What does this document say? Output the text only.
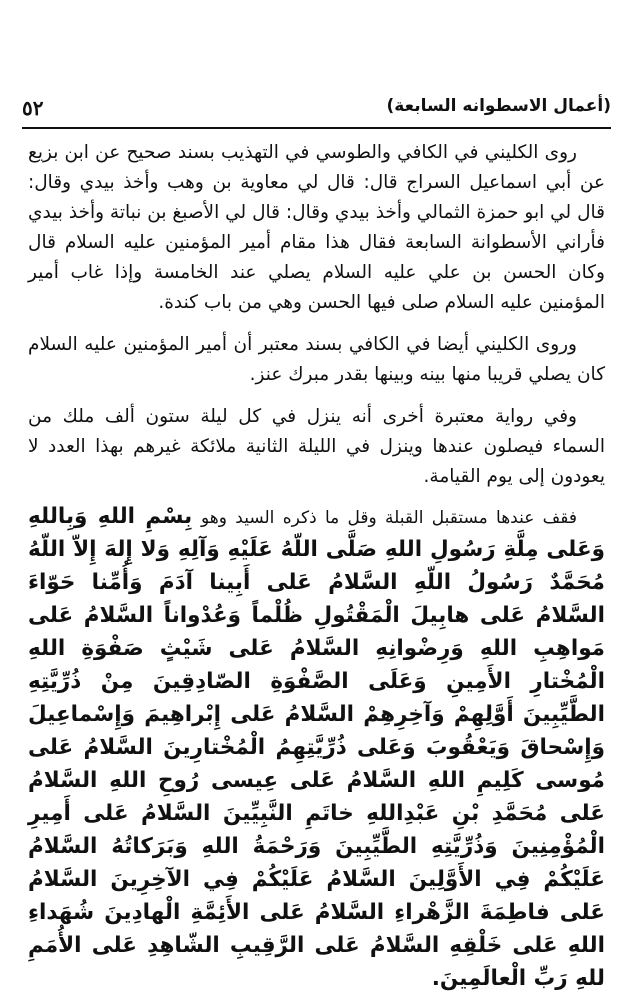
٥٢	(أعمال الاسطوانه السابعة)

روى الكليني في الكافي والطوسي في التهذيب بسند صحيح عن ابن بزيع عن أبي اسماعيل السراج قال: قال لي معاوية بن وهب وأخذ بيدي وقال: قال لي ابو حمزة الثمالي وأخذ بيدي وقال: قال لي الأصبغ بن نباتة وأخذ بيدي فأراني الأسطوانة السابعة فقال هذا مقام أمير المؤمنين عليه السلام قال وكان الحسن بن علي عليه السلام يصلي عند الخامسة وإذا غاب أمير المؤمنين عليه السلام صلى فيها الحسن وهي من باب كندة.

وروى الكليني أيضا في الكافي بسند معتبر أن أمير المؤمنين عليه السلام كان يصلي قريبا منها بينه وبينها بقدر مبرك عنز.

وفي رواية معتبرة أخرى أنه ينزل في كل ليلة ستون ألف ملك من السماء فيصلون عندها وينزل في الليلة الثانية ملائكة غيرهم بهذا العدد لا يعودون إلى يوم القيامة.

فقف عندها مستقبل القبلة وقل ما ذكره السيد وهو بِسْمِ اللهِ وَبِاللهِ وَعَلى مِلَّةِ رَسُولِ اللهِ صَلَّى اللّهُ عَلَيْهِ وَآلِهِ وَلا إِلهَ إِلاّ اللّهُ مُحَمَّدٌ رَسُولُ اللّهِ السَّلامُ عَلى أَبِينا آدَمَ وَأُمِّنا حَوّاءَ السَّلامُ عَلى هابِيلَ الْمَقْتُولِ ظُلْماً وَعُدْواناً السَّلامُ عَلى مَواهِبِ اللهِ وَرِضْوانِهِ السَّلامُ عَلى شَيْثٍ صَفْوَةِ اللهِ الْمُخْتارِ الأَمِينِ وَعَلَى الصَّفْوَةِ الصّادِقِينَ مِنْ ذُرِّيَّتِهِ الطَّيِّبِينَ أَوَّلِهِمْ وَآخِرِهِمْ السَّلامُ عَلى إِبْراهِيمَ وَإِسْماعِيلَ وَإِسْحاقَ وَيَعْقُوبَ وَعَلى ذُرِّيَّتِهِمُ الْمُخْتارِينَ السَّلامُ عَلى مُوسى كَلِيمِ اللهِ السَّلامُ عَلى عِيسى رُوحِ اللهِ السَّلامُ عَلى مُحَمَّدِ بْنِ عَبْدِاللهِ خاتَمِ النَّبِيِّينَ السَّلامُ عَلى أَمِيرِ الْمُؤْمِنِينَ وَذُرِّيَّتِهِ الطَّيِّبِينَ وَرَحْمَةُ اللهِ وَبَرَكاتُهُ السَّلامُ عَلَيْكُمْ فِي الأَوَّلِينَ السَّلامُ عَلَيْكُمْ فِي الآخِرِينَ السَّلامُ عَلى فاطِمَةَ الزَّهْراءِ السَّلامُ عَلى الأَئِمَّةِ الْهادِينَ شُهَداءِ اللهِ عَلى خَلْقِهِ السَّلامُ عَلى الرَّقِيبِ الشّاهِدِ عَلى الأُمَمِ للهِ رَبِّ الْعالَمِينَ.
